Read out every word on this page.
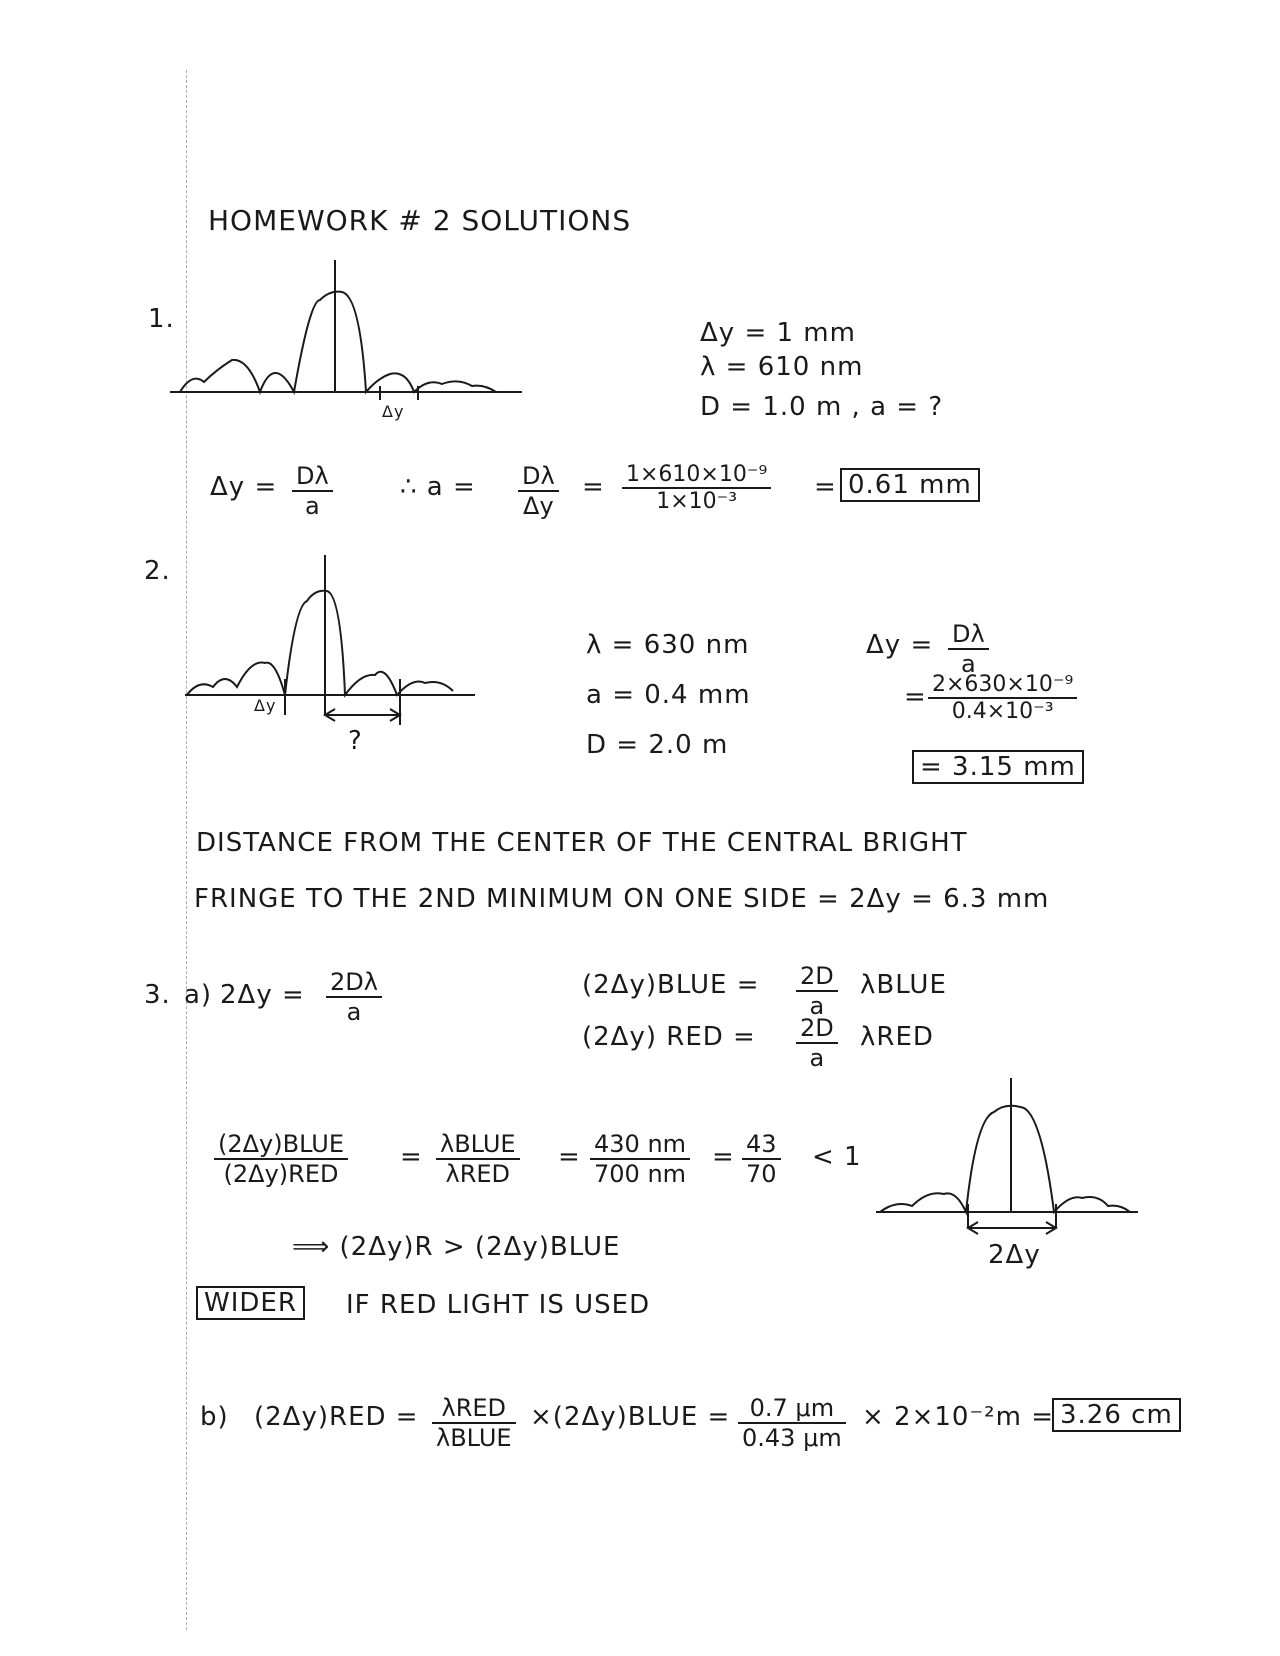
HOMEWORK # 2 SOLUTIONS
1.
Δy
Δy = 1 mm
λ = 610 nm
D = 1.0 m , a = ?
$\Delta y = \frac{D\lambda}{a}$	∴ $a = \frac{D\lambda}{\Delta y} = \frac{\text{1×610×10⁻⁹}}{\text{1×10⁻³}} = 0.61$ mm
2.
Δy
?
λ = 630 nm
a = 0.4 mm
D = 2.0 m
$\Delta y = \frac{D\lambda}{a}$
= $\frac{\text{2×630×10⁻⁹}}{\text{0.4×10⁻³}}$
= 3.15 mm
DISTANCE FROM THE CENTER OF THE CENTRAL BRIGHT
FRINGE TO THE 2ND MINIMUM ON ONE SIDE = 2Δy = 6.3 mm
3. a) $2\Delta y = \frac{2D\lambda}{a}$	(2Δy)BLUE = $\frac{2D}{a}$ λBLUE
(2Δy) RED = $\frac{2D}{a}$ λRED
(2Δy)BLUE
(2Δy)RED
= λBLUE
λRED
= $\frac{430 nm}{700 nm} = \frac{43}{70} < 1$
⟹ (2Δy)R > (2Δy)BLUE
WIDER	IF RED LIGHT IS USED
2Δy
b) (2Δy)RED = λRED
λBLUE
×(2Δy)BLUE = $\frac{0.7 \mu m}{0.43 \mu m} \times 2\times 10^{-2}m = 3.26$ cm
